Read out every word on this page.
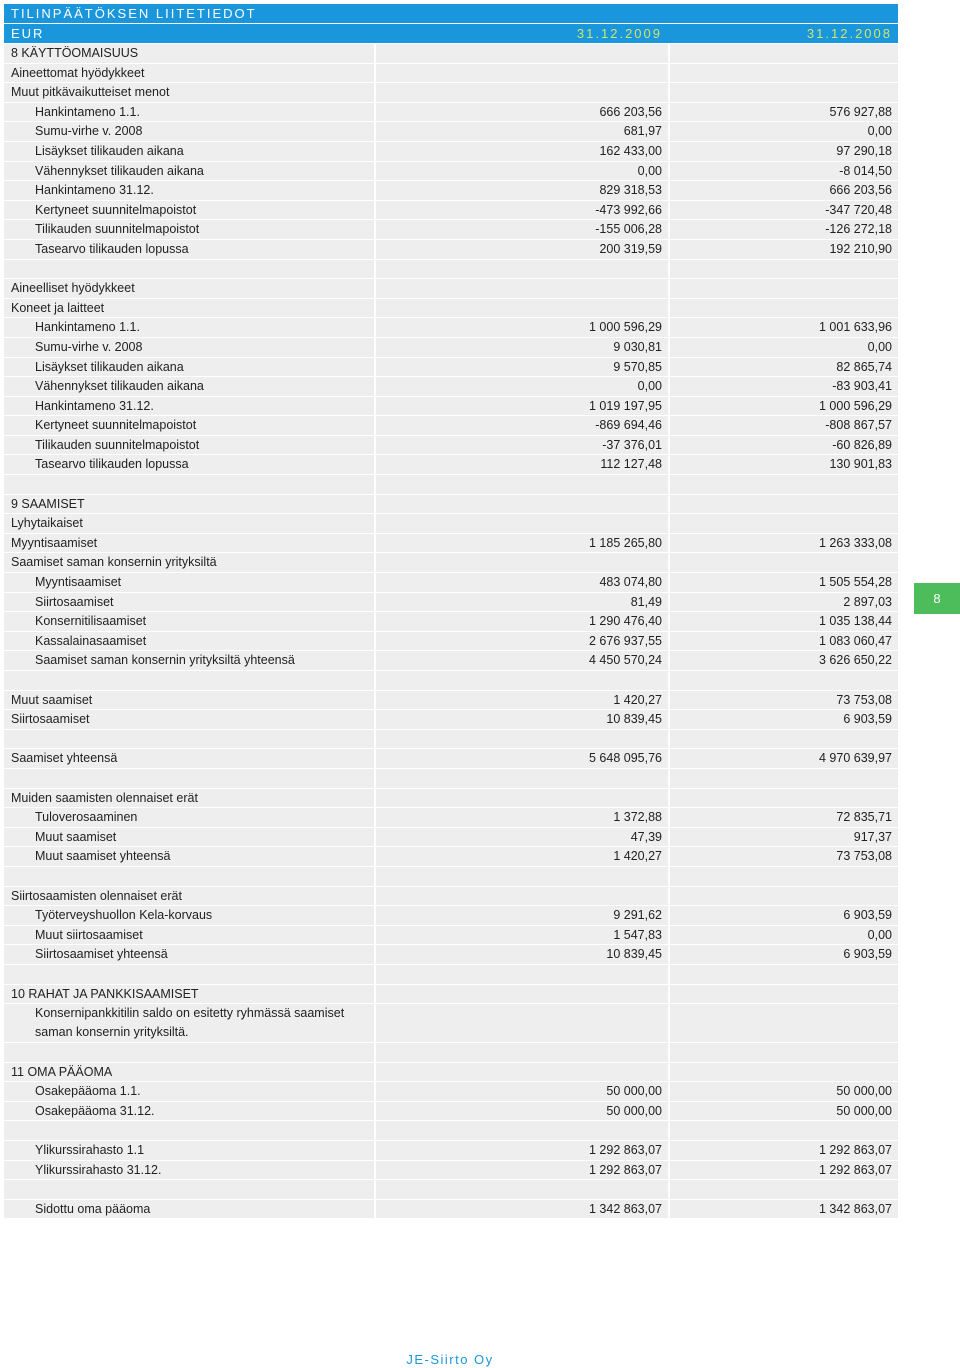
TILINPÄÄTÖKSEN LIITETIEDOT
EUR	31.12.2009	31.12.2008
8 KÄYTTÖOMAISUUS
Aineettomat hyödykkeet
Muut pitkävaikutteiset menot
Hankintameno 1.1.	666 203,56	576 927,88
Sumu-virhe v. 2008	681,97	0,00
Lisäykset tilikauden aikana	162 433,00	97 290,18
Vähennykset tilikauden aikana	0,00	-8 014,50
Hankintameno 31.12.	829 318,53	666 203,56
Kertyneet suunnitelmapoistot	-473 992,66	-347 720,48
Tilikauden suunnitelmapoistot	-155 006,28	-126 272,18
Tasearvo tilikauden lopussa	200 319,59	192 210,90
Aineelliset hyödykkeet
Koneet ja laitteet
Hankintameno 1.1.	1 000 596,29	1 001 633,96
Sumu-virhe v. 2008	9 030,81	0,00
Lisäykset tilikauden aikana	9 570,85	82 865,74
Vähennykset tilikauden aikana	0,00	-83 903,41
Hankintameno 31.12.	1 019 197,95	1 000 596,29
Kertyneet suunnitelmapoistot	-869 694,46	-808 867,57
Tilikauden suunnitelmapoistot	-37 376,01	-60 826,89
Tasearvo tilikauden lopussa	112 127,48	130 901,83
9 SAAMISET
Lyhytaikaiset
Myyntisaamiset	1 185 265,80	1 263 333,08
Saamiset saman konsernin yrityksiltä
Myyntisaamiset	483 074,80	1 505 554,28
Siirtosaamiset	81,49	2 897,03
Konsernitilisaamiset	1 290 476,40	1 035 138,44
Kassalainasaamiset	2 676 937,55	1 083 060,47
Saamiset saman konsernin yrityksiltä yhteensä	4 450 570,24	3 626 650,22
Muut saamiset	1 420,27	73 753,08
Siirtosaamiset	10 839,45	6 903,59
Saamiset yhteensä	5 648 095,76	4 970 639,97
Muiden saamisten olennaiset erät
Tuloverosaaminen	1 372,88	72 835,71
Muut saamiset	47,39	917,37
Muut saamiset yhteensä	1 420,27	73 753,08
Siirtosaamisten olennaiset erät
Työterveyshuollon Kela-korvaus	9 291,62	6 903,59
Muut siirtosaamiset	1 547,83	0,00
Siirtosaamiset yhteensä	10 839,45	6 903,59
10 RAHAT JA PANKKISAAMISET
Konsernipankkitilin saldo on esitetty ryhmässä saamiset saman konsernin yrityksiltä.
11 OMA PÄÄOMA
Osakepääoma 1.1.	50 000,00	50 000,00
Osakepääoma 31.12.	50 000,00	50 000,00
Ylikurssirahasto 1.1	1 292 863,07	1 292 863,07
Ylikurssirahasto 31.12.	1 292 863,07	1 292 863,07
Sidottu oma pääoma	1 342 863,07	1 342 863,07
8
JE-Siirto Oy
